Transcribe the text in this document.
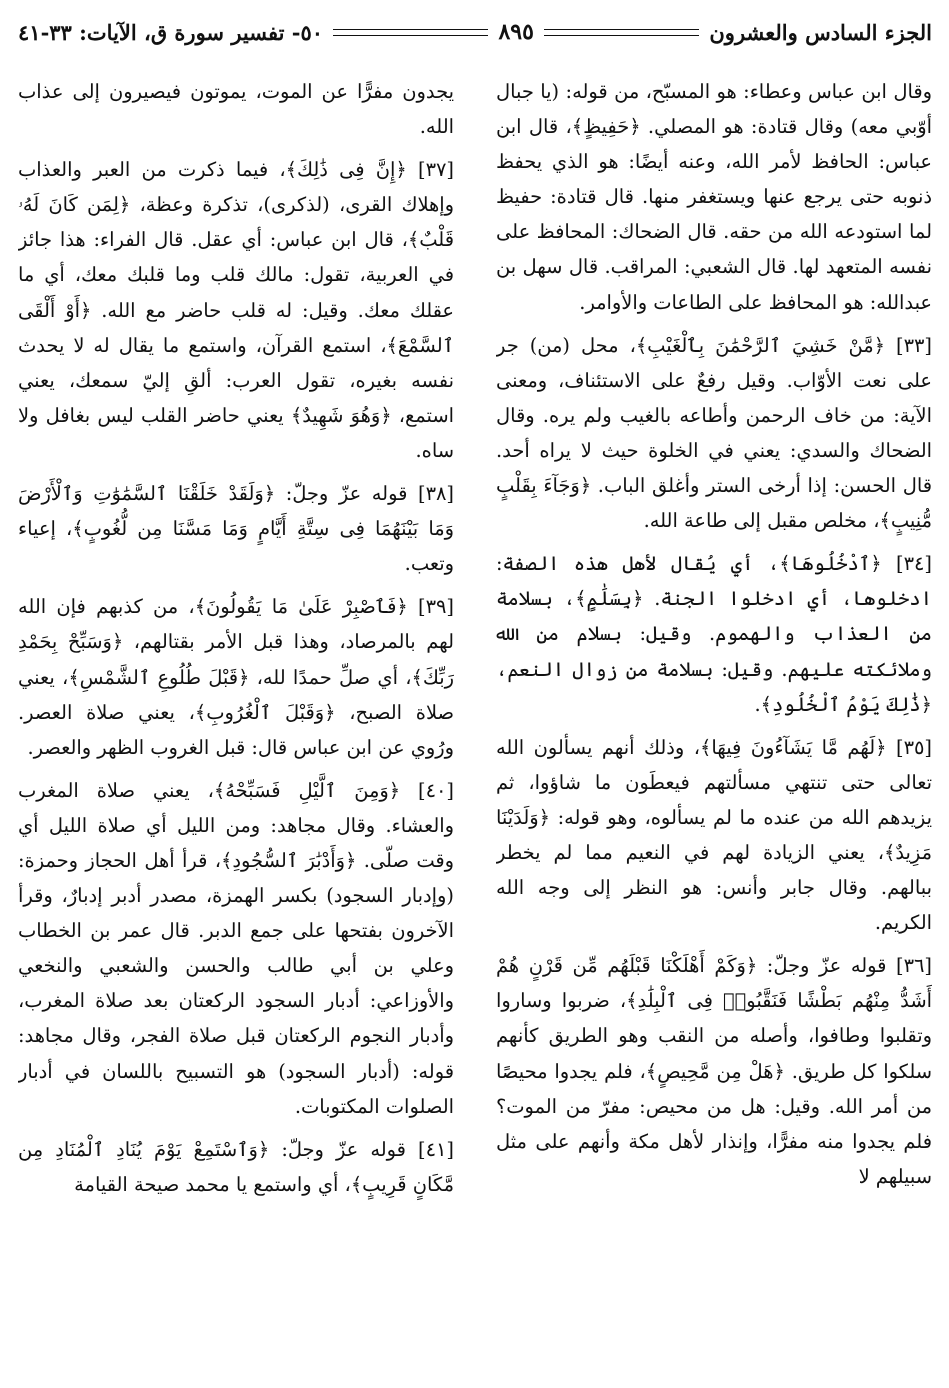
الجزء السادس والعشرون
٨٩٥
٥٠- تفسير سورة ق، الآيات: ٣٣-٤١

وقال ابن عباس وعطاء: هو المسبّح، من قوله: (يا جبال أوّبي معه) وقال قتادة: هو المصلي. ﴿حَفِيظٍ﴾، قال ابن عباس: الحافظ لأمر الله، وعنه أيضًا: هو الذي يحفظ ذنوبه حتى يرجع عنها ويستغفر منها. قال قتادة: حفيظ لما استودعه الله من حقه. قال الضحاك: المحافظ على نفسه المتعهد لها. قال الشعبي: المراقب. قال سهل بن عبدالله: هو المحافظ على الطاعات والأوامر.

[٣٣] ﴿مَّنْ خَشِيَ ٱلرَّحْمَٰنَ بِٱلْغَيْبِ﴾، محل (من) جر على نعت الأوّاب. وقيل رفعٌ على الاستئناف، ومعنى الآية: من خاف الرحمن وأطاعه بالغيب ولم يره. وقال الضحاك والسدي: يعني في الخلوة حيث لا يراه أحد. قال الحسن: إذا أرخى الستر وأغلق الباب. ﴿وَجَآءَ بِقَلْبٍ مُّنِيبٍ﴾، مخلص مقبل إلى طاعة الله.

[٣٤] ﴿ٱدْخُلُوهَا﴾، أي يُقال لأهل هذه الصفة: ادخلوها، أي ادخلوا الجنة. ﴿بِسَلَٰمٍ﴾، بسلامة من العذاب والهموم. وقيل: بسلام من الله وملائكته عليهم. وقيل: بسلامة من زوال النعم، ﴿ذَٰلِكَ يَوْمُ ٱلْخُلُودِ﴾.

[٣٥] ﴿لَهُم مَّا يَشَآءُونَ فِيهَا﴾، وذلك أنهم يسألون الله تعالى حتى تنتهي مسألتهم فيعطَون ما شاؤوا، ثم يزيدهم الله من عنده ما لم يسألوه، وهو قوله: ﴿وَلَدَيْنَا مَزِيدٌ﴾، يعني الزيادة لهم في النعيم مما لم يخطر ببالهم. وقال جابر وأنس: هو النظر إلى وجه الله الكريم.

[٣٦] قوله عزّ وجلّ: ﴿وَكَمْ أَهْلَكْنَا قَبْلَهُم مِّن قَرْنٍ هُمْ أَشَدُّ مِنْهُم بَطْشًا فَنَقَّبُوا۟ فِى ٱلْبِلَٰدِ﴾، ضربوا وساروا وتقلبوا وطافوا، وأصله من النقب وهو الطريق كأنهم سلكوا كل طريق. ﴿هَلْ مِن مَّحِيصٍ﴾، فلم يجدوا محيصًا من أمر الله. وقيل: هل من محيص: مفرّ من الموت؟ فلم يجدوا منه مفرًّا، وإنذار لأهل مكة وأنهم على مثل سبيلهم لا

يجدون مفرًّا عن الموت، يموتون فيصيرون إلى عذاب الله.

[٣٧] ﴿إِنَّ فِى ذَٰلِكَ﴾، فيما ذكرت من العبر والعذاب وإهلاك القرى، (لذكرى)، تذكرة وعظة، ﴿لِمَن كَانَ لَهُۥ قَلْبٌ﴾، قال ابن عباس: أي عقل. قال الفراء: هذا جائز في العربية، تقول: مالك قلب وما قلبك معك، أي ما عقلك معك. وقيل: له قلب حاضر مع الله. ﴿أَوْ أَلْقَى ٱلسَّمْعَ﴾، استمع القرآن، واستمع ما يقال له لا يحدث نفسه بغيره، تقول العرب: ألقِ إليّ سمعك، يعني استمع، ﴿وَهُوَ شَهِيدٌ﴾ يعني حاضر القلب ليس بغافل ولا ساه.

[٣٨] قوله عزّ وجلّ: ﴿وَلَقَدْ خَلَقْنَا ٱلسَّمَٰوَٰتِ وَٱلْأَرْضَ وَمَا بَيْنَهُمَا فِى سِتَّةِ أَيَّامٍ وَمَا مَسَّنَا مِن لُّغُوبٍ﴾، إعياء وتعب.

[٣٩] ﴿فَٱصْبِرْ عَلَىٰ مَا يَقُولُونَ﴾، من كذبهم فإن الله لهم بالمرصاد، وهذا قبل الأمر بقتالهم، ﴿وَسَبِّحْ بِحَمْدِ رَبِّكَ﴾، أي صلِّ حمدًا لله، ﴿قَبْلَ طُلُوعِ ٱلشَّمْسِ﴾، يعني صلاة الصبح، ﴿وَقَبْلَ ٱلْغُرُوبِ﴾، يعني صلاة العصر. ورُوي عن ابن عباس قال: قبل الغروب الظهر والعصر.

[٤٠] ﴿وَمِنَ ٱلَّيْلِ فَسَبِّحْهُ﴾، يعني صلاة المغرب والعشاء. وقال مجاهد: ومن الليل أي صلاة الليل أي وقت صلّى. ﴿وَأَدْبَٰرَ ٱلسُّجُودِ﴾، قرأ أهل الحجاز وحمزة: (وإدبار السجود) بكسر الهمزة، مصدر أدبر إدبارٌ، وقرأ الآخرون بفتحها على جمع الدبر. قال عمر بن الخطاب وعلي بن أبي طالب والحسن والشعبي والنخعي والأوزاعي: أدبار السجود الركعتان بعد صلاة المغرب، وأدبار النجوم الركعتان قبل صلاة الفجر، وقال مجاهد: قوله: (أدبار السجود) هو التسبيح باللسان في أدبار الصلوات المكتوبات.

[٤١] قوله عزّ وجلّ: ﴿وَٱسْتَمِعْ يَوْمَ يُنَادِ ٱلْمُنَادِ مِن مَّكَانٍ قَرِيبٍ﴾، أي واستمع يا محمد صيحة القيامة
